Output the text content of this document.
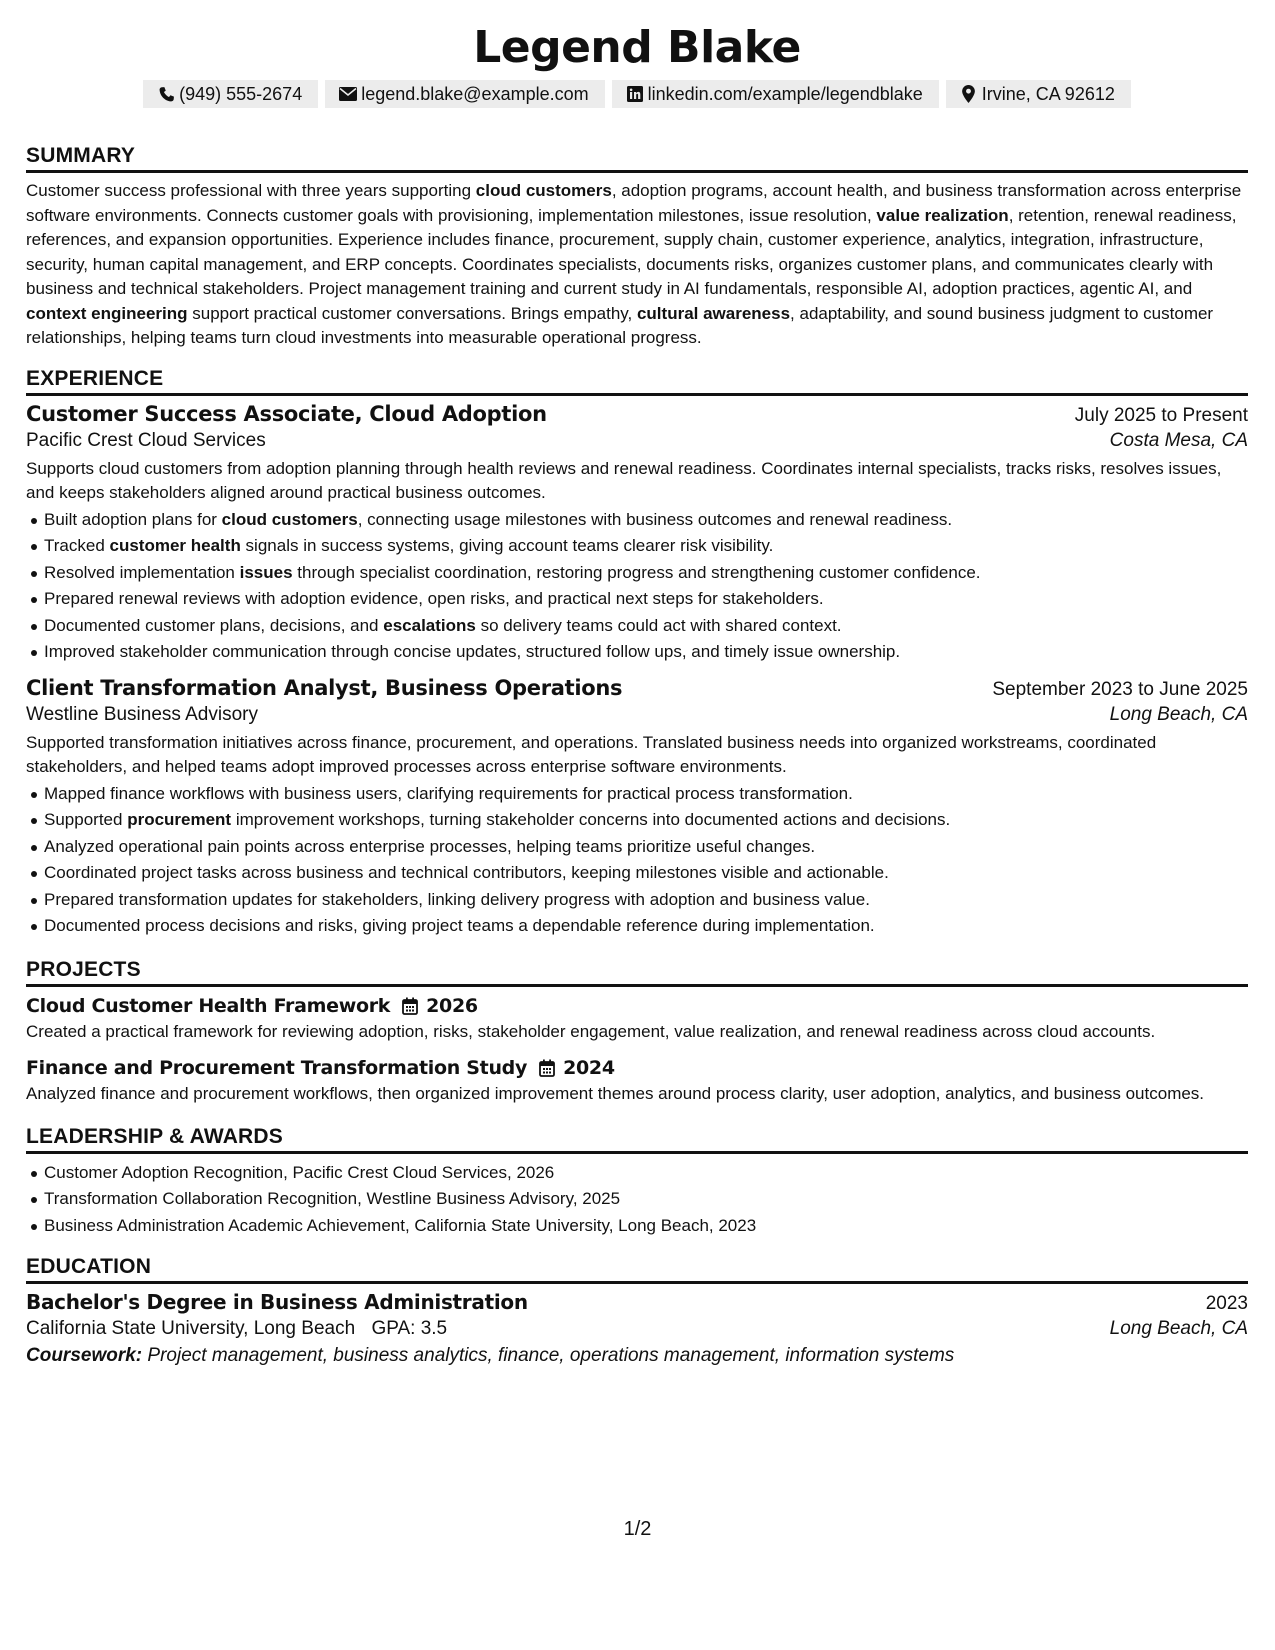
Legend Blake
(949) 555-2674	legend.blake@example.com	linkedin.com/example/legendblake	Irvine, CA 92612
SUMMARY

Customer success professional with three years supporting cloud customers, adoption programs, account health, and business transformation across enterprise software environments. Connects customer goals with provisioning, implementation milestones, issue resolution, value realization, retention, renewal readiness, references, and expansion opportunities. Experience includes finance, procurement, supply chain, customer experience, analytics, integration, infrastructure, security, human capital management, and ERP concepts. Coordinates specialists, documents risks, organizes customer plans, and communicates clearly with business and technical stakeholders. Project management training and current study in AI fundamentals, responsible AI, adoption practices, agentic AI, and context engineering support practical customer conversations. Brings empathy, cultural awareness, adaptability, and sound business judgment to customer relationships, helping teams turn cloud investments into measurable operational progress.

EXPERIENCE
Customer Success Associate, Cloud Adoption	July 2025 to Present
Pacific Crest Cloud Services	Costa Mesa, CA

Supports cloud customers from adoption planning through health reviews and renewal readiness. Coordinates internal specialists, tracks risks, resolves issues, and keeps stakeholders aligned around practical business outcomes.

Built adoption plans for cloud customers, connecting usage milestones with business outcomes and renewal readiness.
Tracked customer health signals in success systems, giving account teams clearer risk visibility.
Resolved implementation issues through specialist coordination, restoring progress and strengthening customer confidence.
Prepared renewal reviews with adoption evidence, open risks, and practical next steps for stakeholders.
Documented customer plans, decisions, and escalations so delivery teams could act with shared context.
Improved stakeholder communication through concise updates, structured follow ups, and timely issue ownership.
Client Transformation Analyst, Business Operations	September 2023 to June 2025
Westline Business Advisory	Long Beach, CA

Supported transformation initiatives across finance, procurement, and operations. Translated business needs into organized workstreams, coordinated stakeholders, and helped teams adopt improved processes across enterprise software environments.

Mapped finance workflows with business users, clarifying requirements for practical process transformation.
Supported procurement improvement workshops, turning stakeholder concerns into documented actions and decisions.
Analyzed operational pain points across enterprise processes, helping teams prioritize useful changes.
Coordinated project tasks across business and technical contributors, keeping milestones visible and actionable.
Prepared transformation updates for stakeholders, linking delivery progress with adoption and business value.
Documented process decisions and risks, giving project teams a dependable reference during implementation.
PROJECTS
Cloud Customer Health Framework 2026

Created a practical framework for reviewing adoption, risks, stakeholder engagement, value realization, and renewal readiness across cloud accounts.

Finance and Procurement Transformation Study 2024

Analyzed finance and procurement workflows, then organized improvement themes around process clarity, user adoption, analytics, and business outcomes.

LEADERSHIP & AWARDS
Customer Adoption Recognition, Pacific Crest Cloud Services, 2026
Transformation Collaboration Recognition, Westline Business Advisory, 2025
Business Administration Academic Achievement, California State University, Long Beach, 2023
EDUCATION
Bachelor's Degree in Business Administration	2023
California State University, Long Beach GPA: 3.5	Long Beach, CA
Coursework: Project management, business analytics, finance, operations management, information systems
1/2
